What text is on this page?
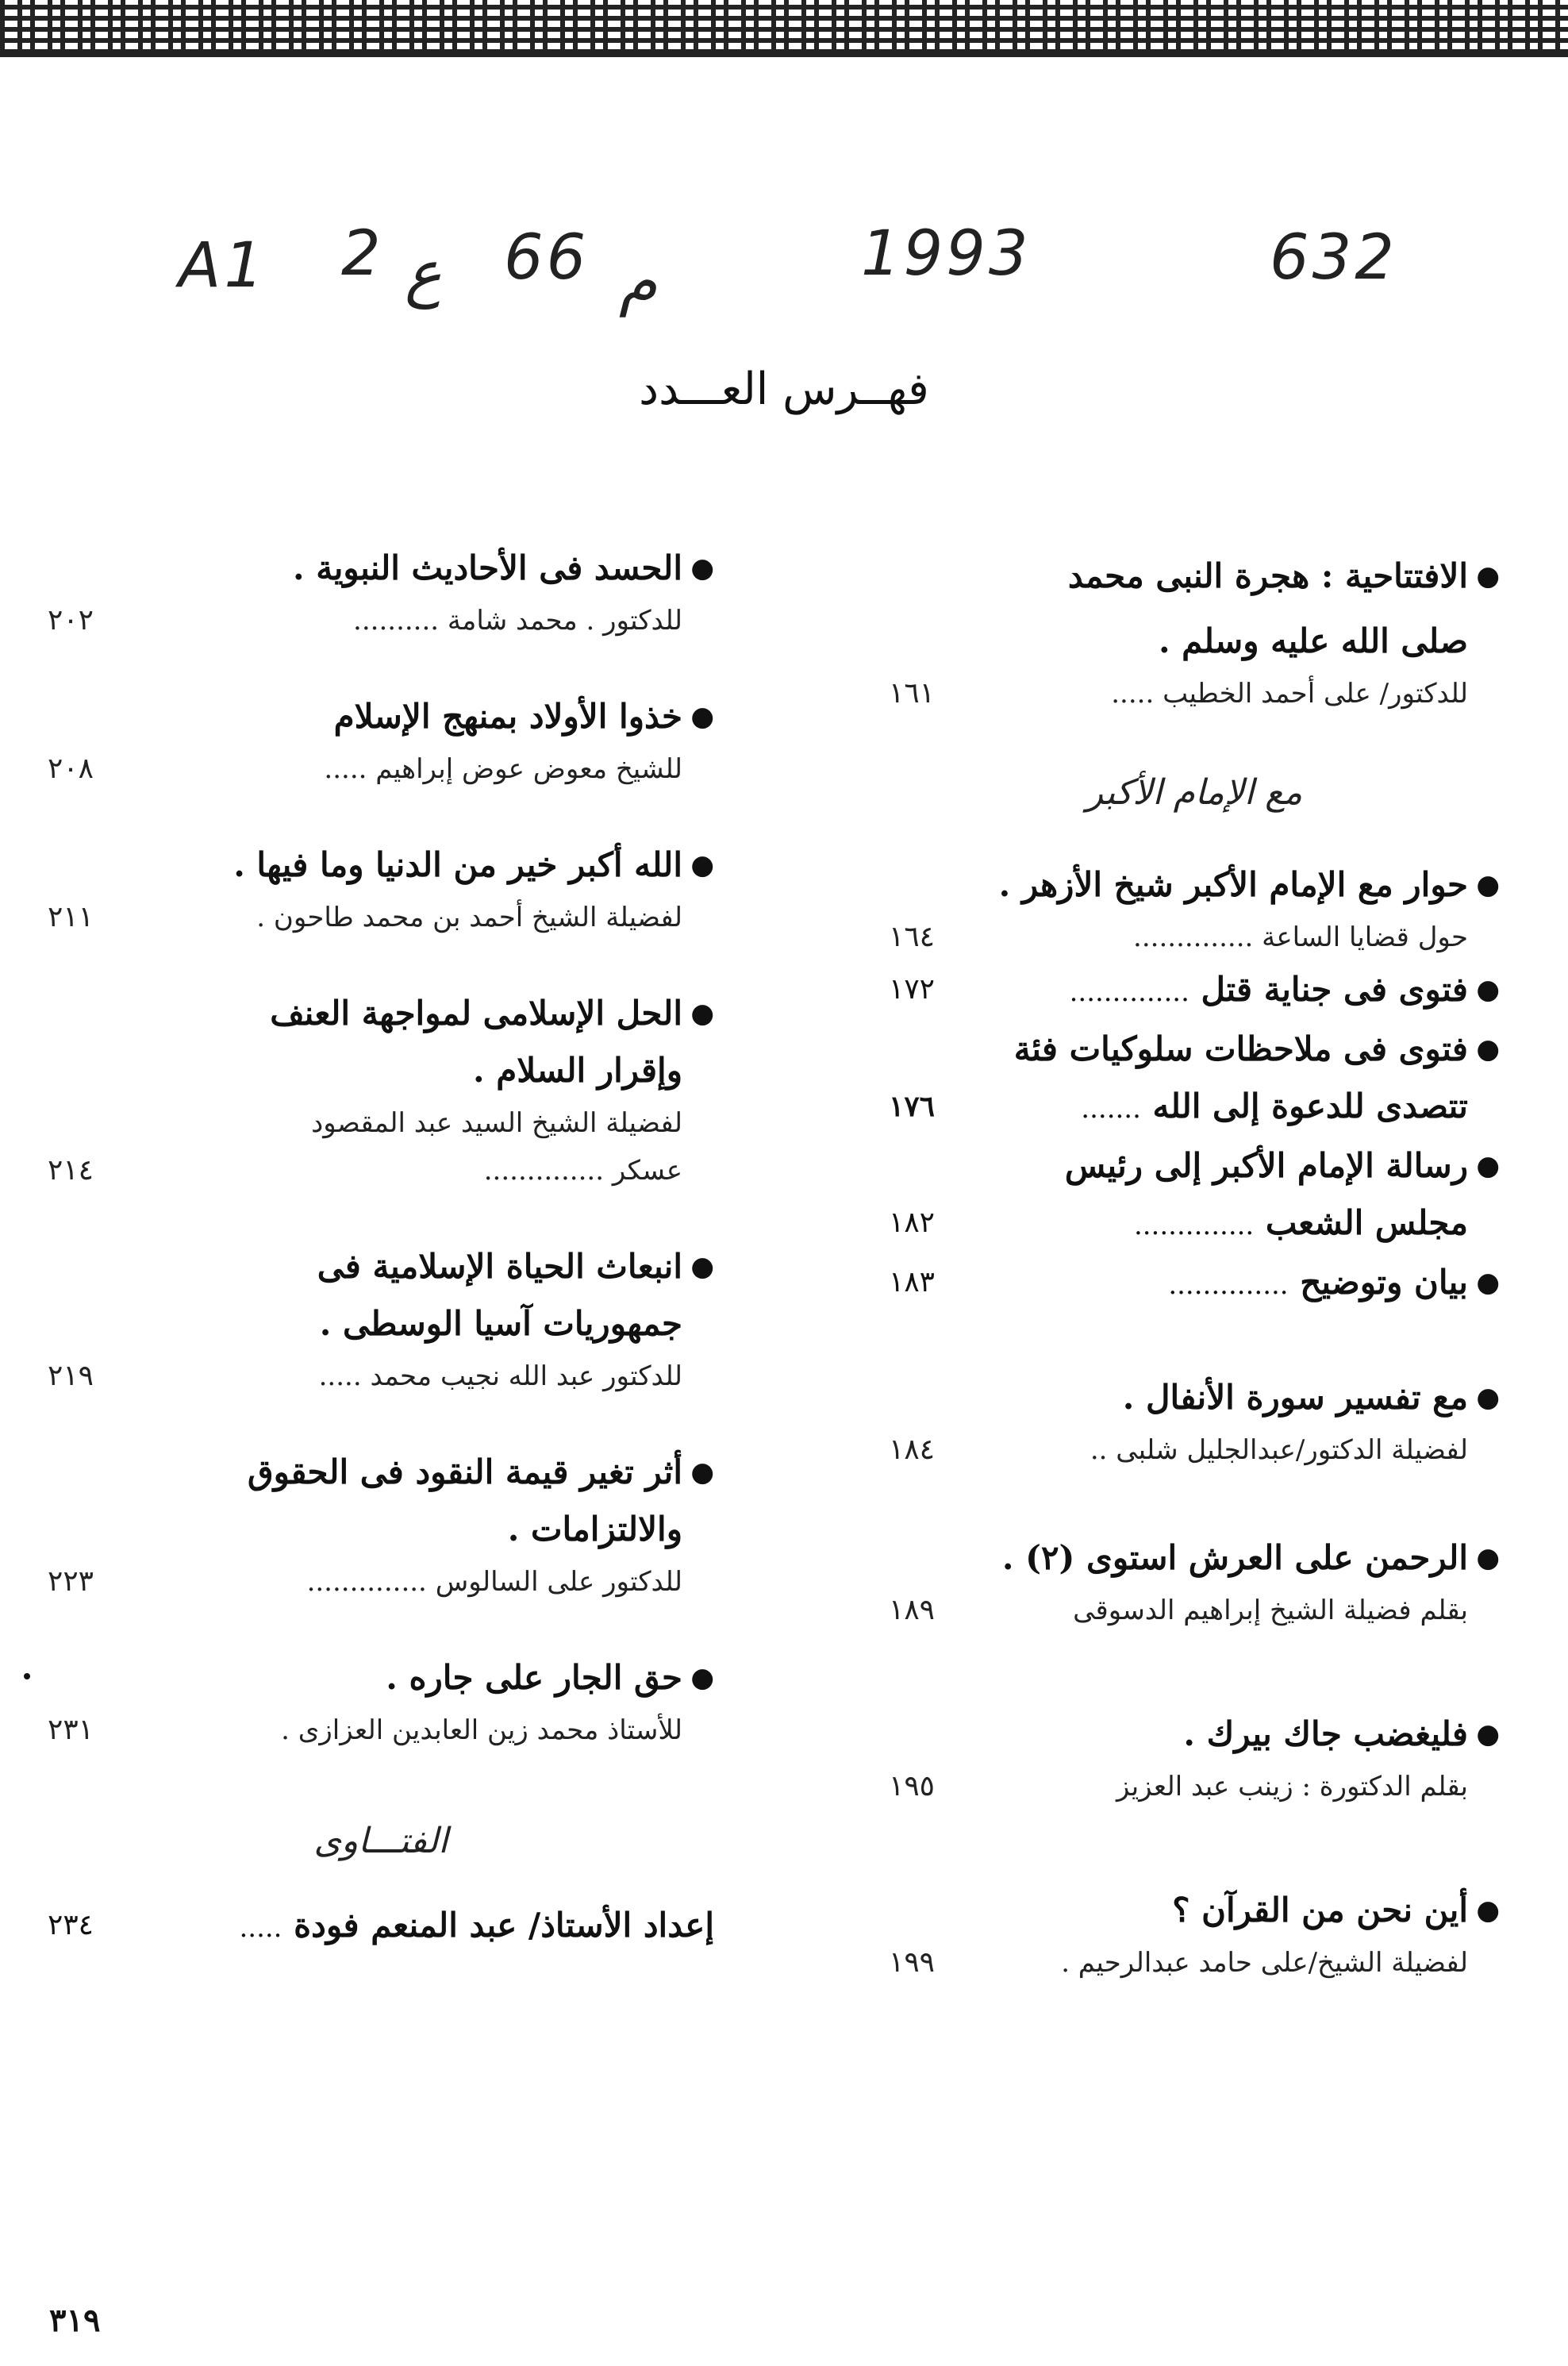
A1 2 ع 66 م	1993	632
فهــرس العـــدد
●
الافتتاحية : هجرة النبى محمد
صلى الله عليه وسلم .
للدكتور/ على أحمد الخطيب .....
١٦١
مع الإمام الأكبر
●
حوار مع الإمام الأكبر شيخ الأزهر .
حول قضايا الساعة ..............
١٦٤
●
فتوى فى جناية قتل ..............
١٧٢
●
فتوى فى ملاحظات سلوكيات فئة
تتصدى للدعوة إلى الله .......
١٧٦
●
رسالة الإمام الأكبر إلى رئيس
مجلس الشعب ..............
١٨٢
●
بيان وتوضيح ..............
١٨٣
●
مع تفسير سورة الأنفال .
لفضيلة الدكتور/عبدالجليل شلبى ..
١٨٤
●
الرحمن على العرش استوى (٢) .
بقلم فضيلة الشيخ إبراهيم الدسوقى
١٨٩
●
فليغضب جاك بيرك .
بقلم الدكتورة : زينب عبد العزيز
١٩٥
●
أين نحن من القرآن ؟
لفضيلة الشيخ/على حامد عبدالرحيم .
١٩٩
●
الحسد فى الأحاديث النبوية .
للدكتور . محمد شامة ..........
٢٠٢
●
خذوا الأولاد بمنهج الإسلام
للشيخ معوض عوض إبراهيم .....
٢٠٨
●
الله أكبر خير من الدنيا وما فيها .
لفضيلة الشيخ أحمد بن محمد طاحون .
٢١١
●
الحل الإسلامى لمواجهة العنف
وإقرار السلام .
لفضيلة الشيخ السيد عبد المقصود
عسكر ..............
٢١٤
●
انبعاث الحياة الإسلامية فى
جمهوريات آسيا الوسطى .
للدكتور عبد الله نجيب محمد .....
٢١٩
●
أثر تغير قيمة النقود فى الحقوق
والالتزامات .
للدكتور على السالوس ..............
٢٢٣
●
حق الجار على جاره .
للأستاذ محمد زين العابدين العزازى .
٢٣١
الفتـــاوى
إعداد الأستاذ/ عبد المنعم فودة .....
٢٣٤
٣١٩
